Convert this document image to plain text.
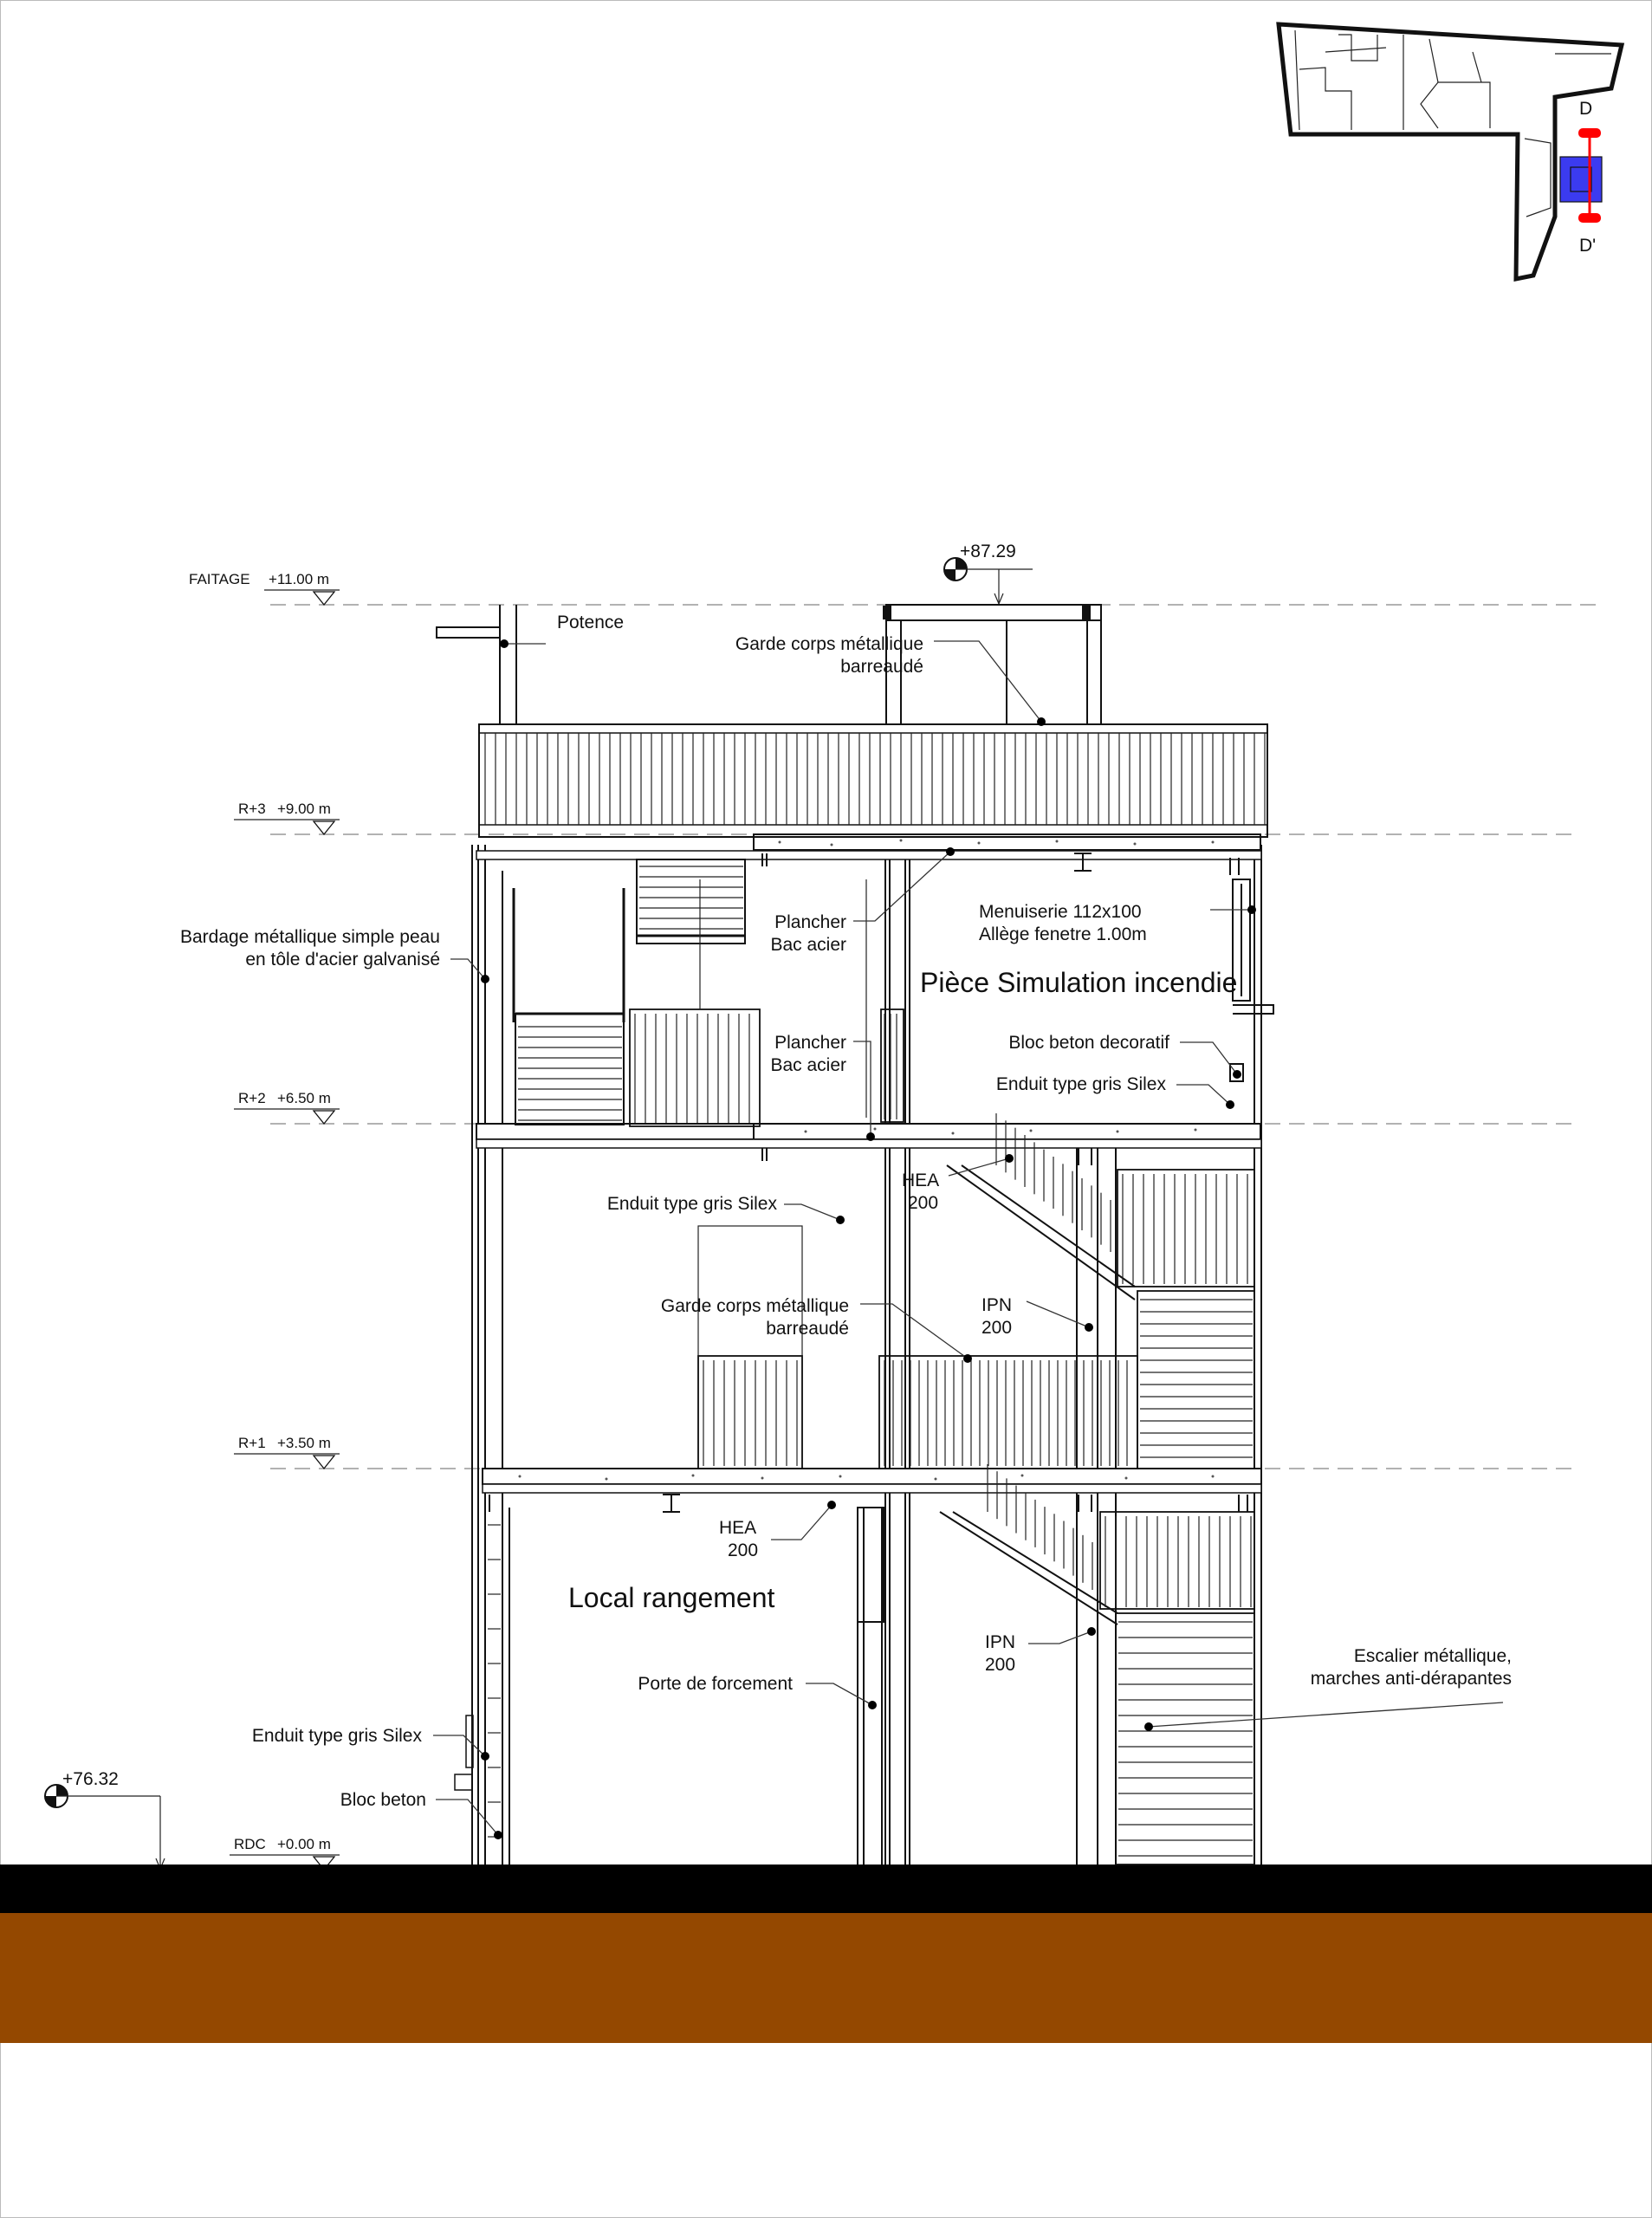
D
D'
FAITAGE +11.00 m
R+3 +9.00 m
R+2 +6.50 m
R+1 +3.50 m
RDC +0.00 m
+87.29
+76.32
Potence
Garde corps métallique
barreaudé
Bardage métallique simple peau
en tôle d'acier galvanisé
Plancher
Bac acier
Plancher
Bac acier
Menuiserie 112x100
Allège fenetre 1.00m
Pièce Simulation incendie
Bloc beton decoratif
Enduit type gris Silex
HEA
200
Enduit type gris Silex
Garde corps métallique
barreaudé
IPN
200
HEA
200
Local rangement
IPN
200
Porte de forcement
Escalier métallique,
marches anti-dérapantes
Enduit type gris Silex
Bloc beton
